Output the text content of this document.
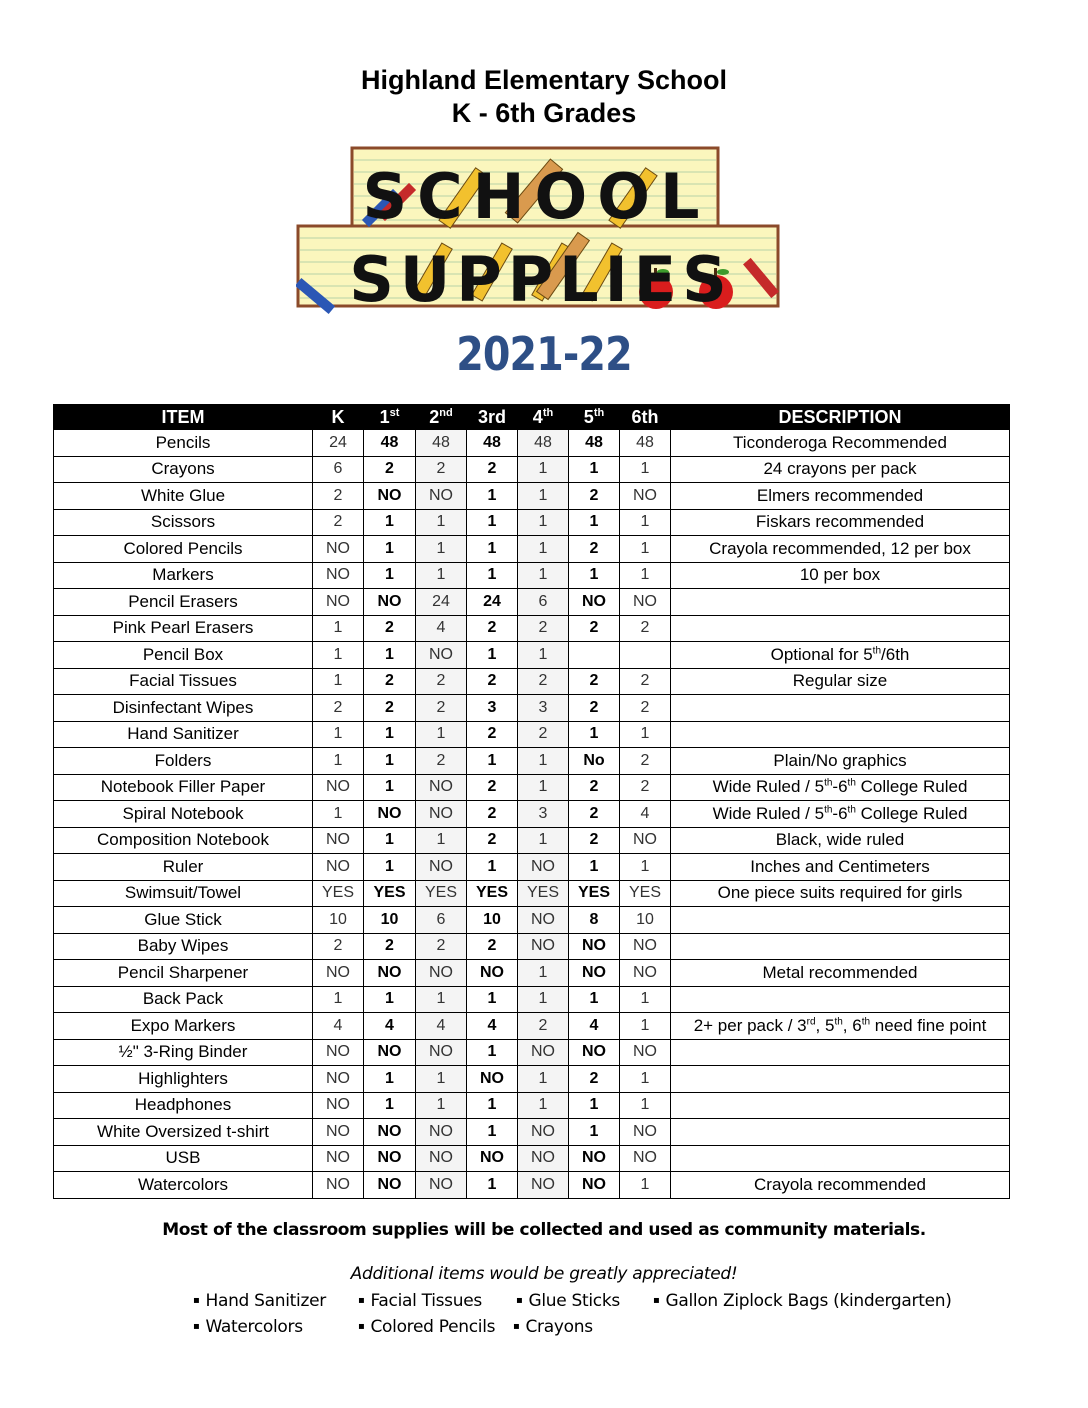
Highland Elementary School
K - 6th Grades
SCHOOL
SUPPLIES
2021-22
ITEM	K	1st	2nd	3rd	4th	5th	6th	DESCRIPTION
Pencils	24	48	48	48	48	48	48	Ticonderoga Recommended
Crayons	6	2	2	2	1	1	1	24 crayons per pack
White Glue	2	NO	NO	1	1	2	NO	Elmers recommended
Scissors	2	1	1	1	1	1	1	Fiskars recommended
Colored Pencils	NO	1	1	1	1	2	1	Crayola recommended, 12 per box
Markers	NO	1	1	1	1	1	1	10 per box
Pencil Erasers	NO	NO	24	24	6	NO	NO	
Pink Pearl Erasers	1	2	4	2	2	2	2	
Pencil Box	1	1	NO	1	1			Optional for 5th/6th
Facial Tissues	1	2	2	2	2	2	2	Regular size
Disinfectant Wipes	2	2	2	3	3	2	2	
Hand Sanitizer	1	1	1	2	2	1	1	
Folders	1	1	2	1	1	No	2	Plain/No graphics
Notebook Filler Paper	NO	1	NO	2	1	2	2	Wide Ruled / 5th-6th College Ruled
Spiral Notebook	1	NO	NO	2	3	2	4	Wide Ruled / 5th-6th College Ruled
Composition Notebook	NO	1	1	2	1	2	NO	Black, wide ruled
Ruler	NO	1	NO	1	NO	1	1	Inches and Centimeters
Swimsuit/Towel	YES	YES	YES	YES	YES	YES	YES	One piece suits required for girls
Glue Stick	10	10	6	10	NO	8	10	
Baby Wipes	2	2	2	2	NO	NO	NO	
Pencil Sharpener	NO	NO	NO	NO	1	NO	NO	Metal recommended
Back Pack	1	1	1	1	1	1	1	
Expo Markers	4	4	4	4	2	4	1	2+ per pack / 3rd, 5th, 6th need fine point
½" 3-Ring Binder	NO	NO	NO	1	NO	NO	NO	
Highlighters	NO	1	1	NO	1	2	1	
Headphones	NO	1	1	1	1	1	1	
White Oversized t-shirt	NO	NO	NO	1	NO	1	NO	
USB	NO	NO	NO	NO	NO	NO	NO	
Watercolors	NO	NO	NO	1	NO	NO	1	Crayola recommended
Most of the classroom supplies will be collected and used as community materials.
Additional items would be greatly appreciated!
▪ Hand Sanitizer	▪ Facial Tissues	▪ Glue Sticks	▪ Gallon Ziplock Bags (kindergarten)
▪ Watercolors	▪ Colored Pencils ▪ Crayons
